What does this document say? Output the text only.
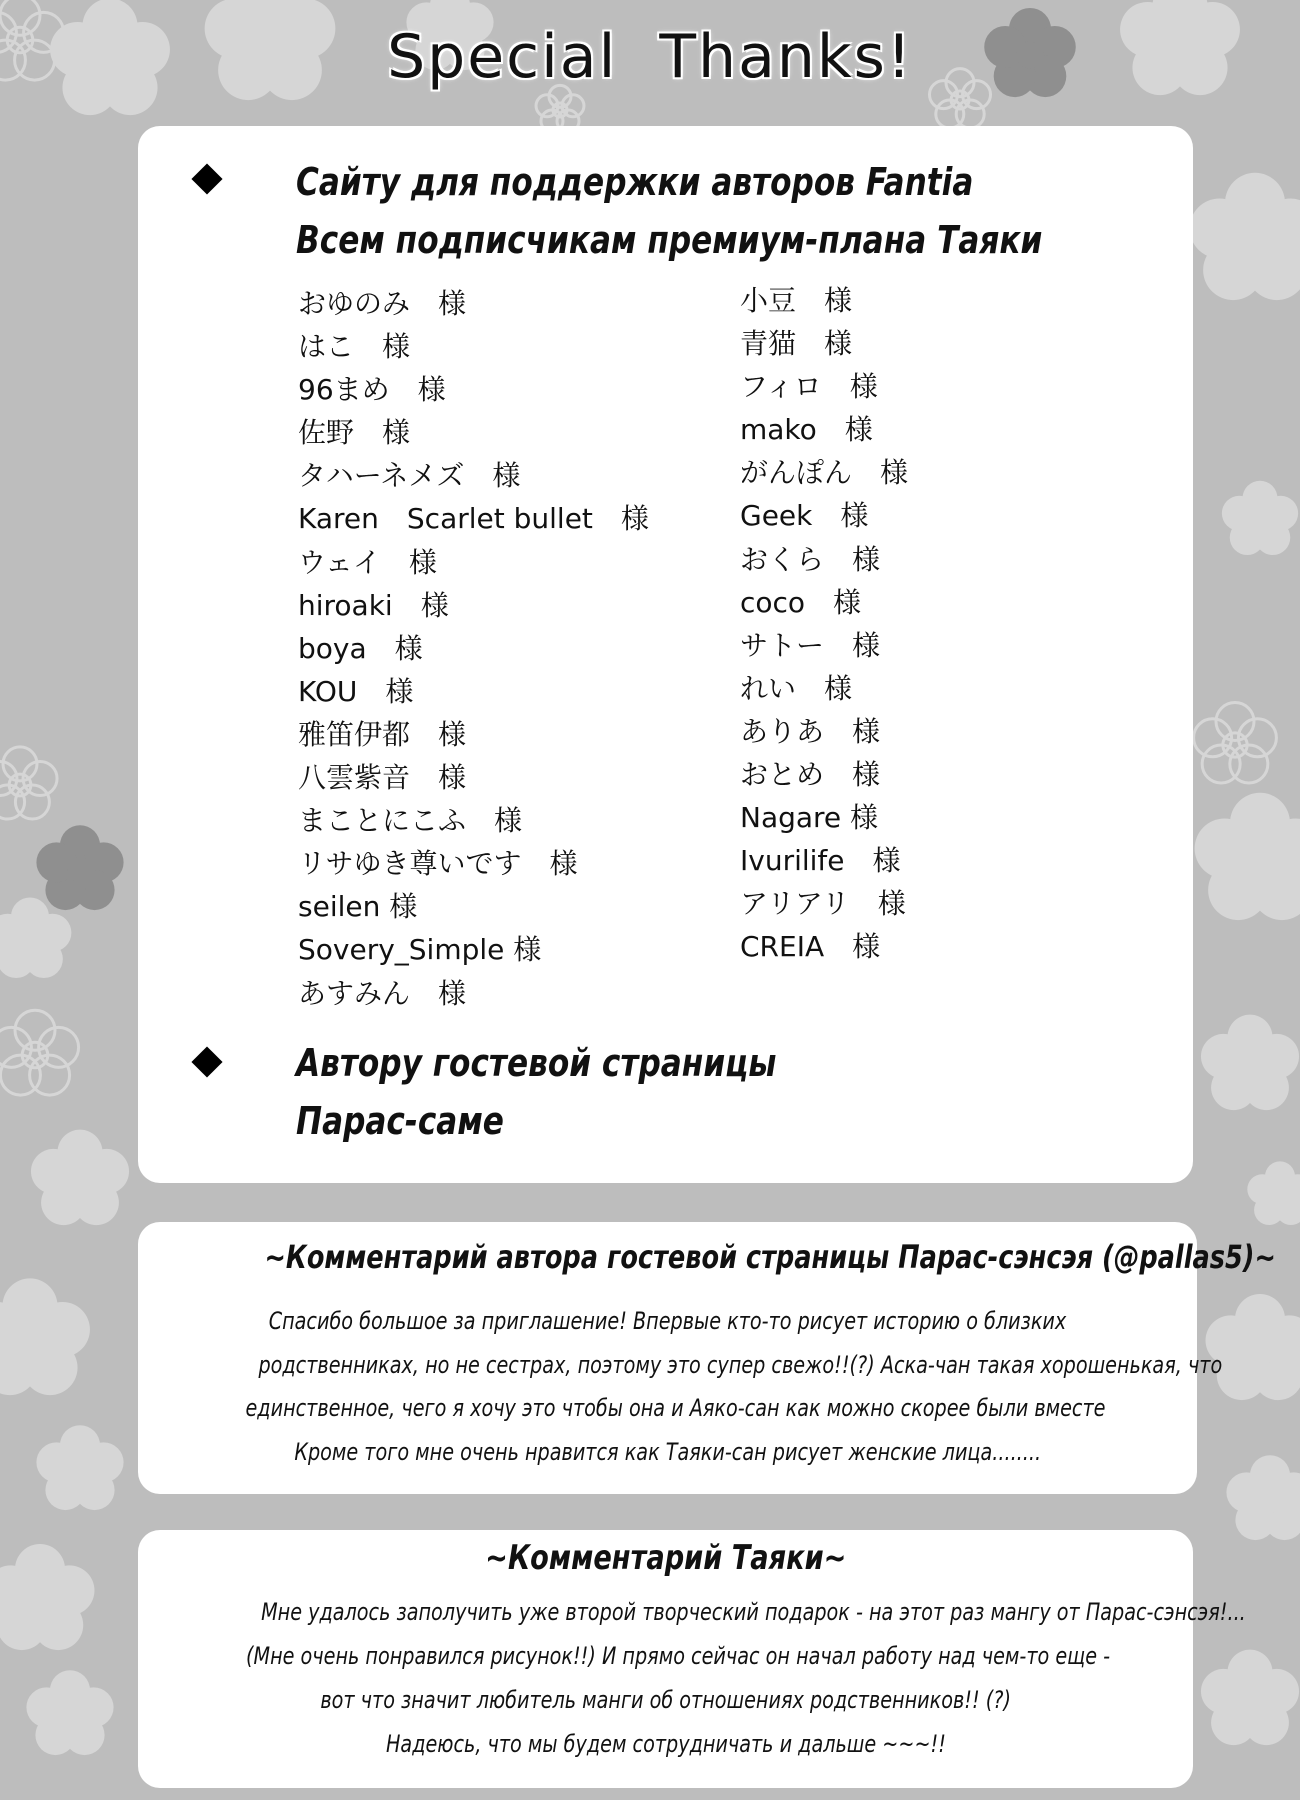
Special  Thanks!
Сайту для поддержки авторов Fantia
Всем подписчикам премиум-плана Таяки
おゆのみ　様
はこ　様
96まめ　様
佐野　様
タハーネメズ　様
Karen　Scarlet bullet　様
ウェイ　様
hiroaki　様
boya　様
KOU　様
雅笛伊都　様
八雲紫音　様
まことにこふ　様
リサゆき尊いです　様
seilen 様
Sovery_Simple 様
あすみん　様
小豆　様
青猫　様
フィロ　様
mako　様
がんぽん　様
Geek　様
おくら　様
coco　様
サトー　様
れい　様
ありあ　様
おとめ　様
Nagare 様
Ivurilife　様
アリアリ　様
CREIA　様
Автору гостевой страницы
Парас-саме
~Комментарий автора гостевой страницы Парас-сэнсэя (@pallas5)~
Спасибо большое за приглашение! Впервые кто-то рисует историю о близких
родственниках, но не сестрах, поэтому это супер свежо!!(?) Аска-чан такая хорошенькая, что
единственное, чего я хочу это чтобы она и Аяко-сан как можно скорее были вместе
Кроме того мне очень нравится как Таяки-сан рисует женские лица........
~Комментарий Таяки~
Мне удалось заполучить уже второй творческий подарок - на этот раз мангу от Парас-сэнсэя!...
(Мне очень понравился рисунок!!) И прямо сейчас он начал работу над чем-то еще -
вот что значит любитель манги об отношениях родственников!! (?)
Надеюсь, что мы будем сотрудничать и дальше ~~~!!
